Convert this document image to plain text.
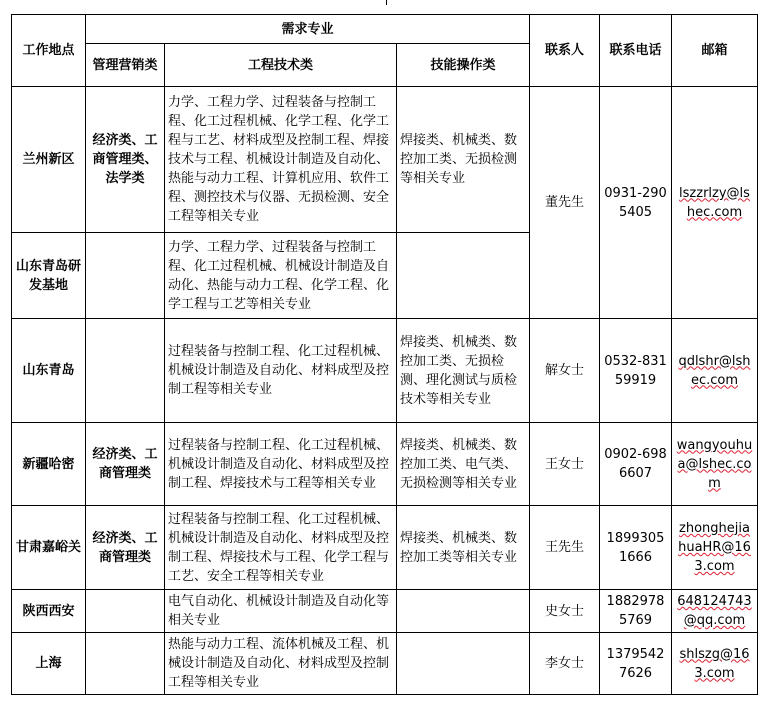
工作地点	需求专业			联系人	联系电话	邮箱
	管理营销类	工程技术类	技能操作类			
兰州新区	经济类、工商管理类、法学类	力学、工程力学、过程装备与控制工程、化工过程机械、化学工程、化学工程与工艺、材料成型及控制工程、焊接技术与工程、机械设计制造及自动化、热能与动力工程、计算机应用、软件工程、测控技术与仪器、无损检测、安全工程等相关专业	焊接类、机械类、数控加工类、无损检测等相关专业	董先生	0931-2905405	lszzrlzy@lshec.com
山东青岛研发基地		力学、工程力学、过程装备与控制工程、化工过程机械、机械设计制造及自动化、热能与动力工程、化学工程、化学工程与工艺等相关专业				
山东青岛		过程装备与控制工程、化工过程机械、机械设计制造及自动化、材料成型及控制工程等相关专业	焊接类、机械类、数控加工类、无损检测、理化测试与质检技术等相关专业	解女士	0532-83159919	qdlshr@lshec.com
新疆哈密	经济类、工商管理类	过程装备与控制工程、化工过程机械、机械设计制造及自动化、材料成型及控制工程、焊接技术与工程等相关专业	焊接类、机械类、数控加工类、电气类、无损检测等相关专业	王女士	0902-6986607	wangyouhua@lshec.com
甘肃嘉峪关	经济类、工商管理类	过程装备与控制工程、化工过程机械、机械设计制造及自动化、材料成型及控制工程、焊接技术与工程、化学工程与工艺、安全工程等相关专业	焊接类、机械类、数控加工类等相关专业	王先生	18993051666	zhonghejiahuaHR@163.com
陕西西安		电气自动化、机械设计制造及自动化等相关专业		史女士	18829785769	648124743@qq.com
上海		热能与动力工程、流体机械及工程、机械设计制造及自动化、材料成型及控制工程等相关专业		李女士	13795427626	shlszg@163.com
